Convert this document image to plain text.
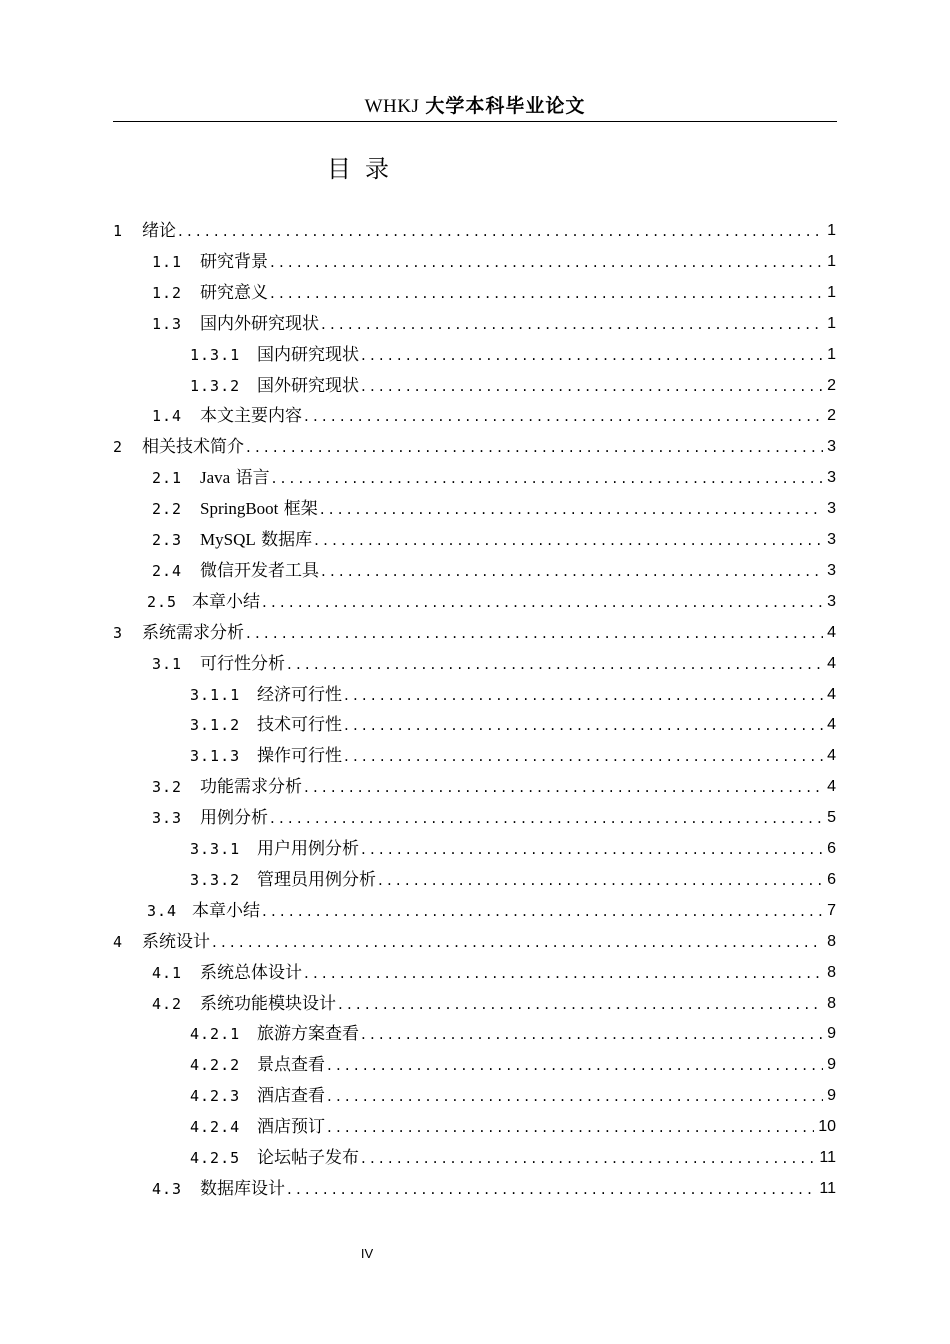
WHKJ 大学本科毕业论文
目录
1	绪论 .....	1
1.1	研究背景 .....	1
1.2	研究意义 .....	1
1.3	国内外研究现状 .....	1
1.3.1 国内研究现状 .....	1
1.3.2 国外研究现状 .....	2
1.4	本文主要内容 .....	2
2	相关技术简介 .....	3
2.1	Java 语言 .....	3
2.2	SpringBoot 框架 .....	3
2.3	MySQL 数据库 .....	3
2.4	微信开发者工具 .....	3
2.5 本章小结 .....	3
3	系统需求分析 .....	4
3.1	可行性分析 .....	4
3.1.1 经济可行性 .....	4
3.1.2 技术可行性 .....	4
3.1.3 操作可行性 .....	4
3.2	功能需求分析 .....	4
3.3	用例分析 .....	5
3.3.1 用户用例分析 .....	6
3.3.2 管理员用例分析 .....	6
3.4 本章小结 .....	7
4	系统设计 .....	8
4.1	系统总体设计 .....	8
4.2	系统功能模块设计 .....	8
4.2.1 旅游方案查看 .....	9
4.2.2 景点查看 .....	9
4.2.3 酒店查看 .....	9
4.2.4 酒店预订 .....	10
4.2.5 论坛帖子发布 .....	11
4.3	数据库设计 .....	11
IV
